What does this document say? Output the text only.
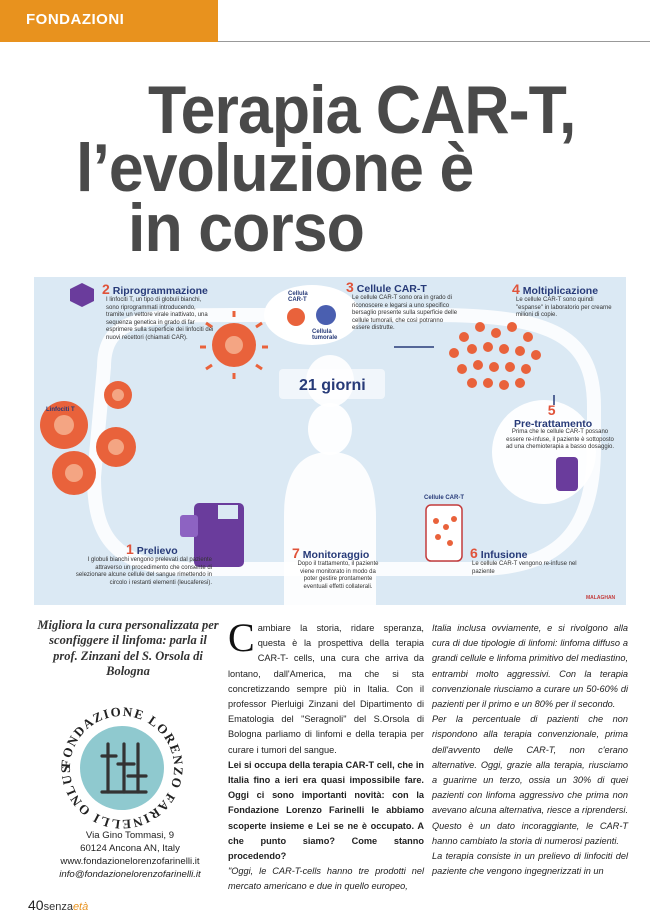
FONDAZIONI
Terapia CAR-T,
l’evoluzione è
in corso
Linfociti T
Cellula CAR-T
Cellula tumorale
Cellule CAR-T
21 giorni
MALAGHAN
2 Riprogrammazione
I linfociti T, un tipo di globuli bianchi, sono riprogrammati introducendo, tramite un vettore virale inattivato, una sequenza genetica in grado di far esprimere sulla superficie dei linfociti dei nuovi recettori (chiamati CAR).
3 Cellule CAR-T
Le cellule CAR-T sono ora in grado di riconoscere e legarsi a uno specifico bersaglio presente sulla superficie delle cellule tumorali, che così potranno essere distrutte.
4 Moltiplicazione
Le cellule CAR-T sono quindi "espanse" in laboratorio per crearne milioni di copie.
5
Pre-trattamento
Prima che le cellule CAR-T possano essere re-infuse, il paziente è sottoposto ad una chemioterapia a basso dosaggio.
6 Infusione
Le cellule CAR-T vengono re-infuse nel paziente
7 Monitoraggio
Dopo il trattamento, il paziente viene monitorato in modo da poter gestire prontamente eventuali effetti collaterali.
1 Prelievo
I globuli bianchi vengono prelevati dal paziente attraverso un procedimento che consente di selezionare alcune cellule del sangue rimettendo in circolo i restanti elementi (leucaferesi).
Migliora la cura personalizzata per sconfiggere il linfoma: parla il prof. Zinzani del S. Orsola di Bologna
FONDAZIONE LORENZO FARINELLI ONLUS
Via Gino Tommasi, 9
60124 Ancona AN, Italy
www.fondazionelorenzofarinelli.it
info@fondazionelorenzofarinelli.it

Cambiare la storia, ridare speranza, questa è la prospettiva della terapia CAR-T- cells, una cura che arriva da lontano, dall'America, ma che si sta concretizzando sempre più in Italia. Con il professor Pierluigi Zinzani del Dipartimento di Ematologia del "Seragnoli" del S.Orsola di Bologna parliamo di linfomi e della terapia per curare i tumori del sangue.

Lei si occupa della terapia CAR-T cell, che in Italia fino a ieri era quasi impossibile fare. Oggi ci sono importanti novità: con la Fondazione Lorenzo Farinelli le abbiamo scoperte insieme e Lei se ne è occupato. A che punto siamo? Come stanno procedendo?

"Oggi, le CAR-T-cells hanno tre prodotti nel mercato americano e due in quello europeo,

Italia inclusa ovviamente, e si rivolgono alla cura di due tipologie di linfomi: linfoma diffuso a grandi cellule e linfoma primitivo del mediastino, entrambi molto aggressivi. Con la terapia convenzionale riusciamo a curare un 50-60% di pazienti per il primo e un 80% per il secondo.

Per la percentuale di pazienti che non rispondono alla terapia convenzionale, prima dell'avvento delle CAR-T, non c'erano alternative. Oggi, grazie alla terapia, riusciamo a guarirne un terzo, ossia un 30% di quei pazienti con linfoma aggressivo che prima non avevano alcuna alternativa, riesce a riprendersi. Questo è un dato incoraggiante, le CAR-T hanno cambiato la storia di numerosi pazienti.

La terapia consiste in un prelievo di linfociti del paziente che vengono ingegnerizzati in un

40senzaetà
